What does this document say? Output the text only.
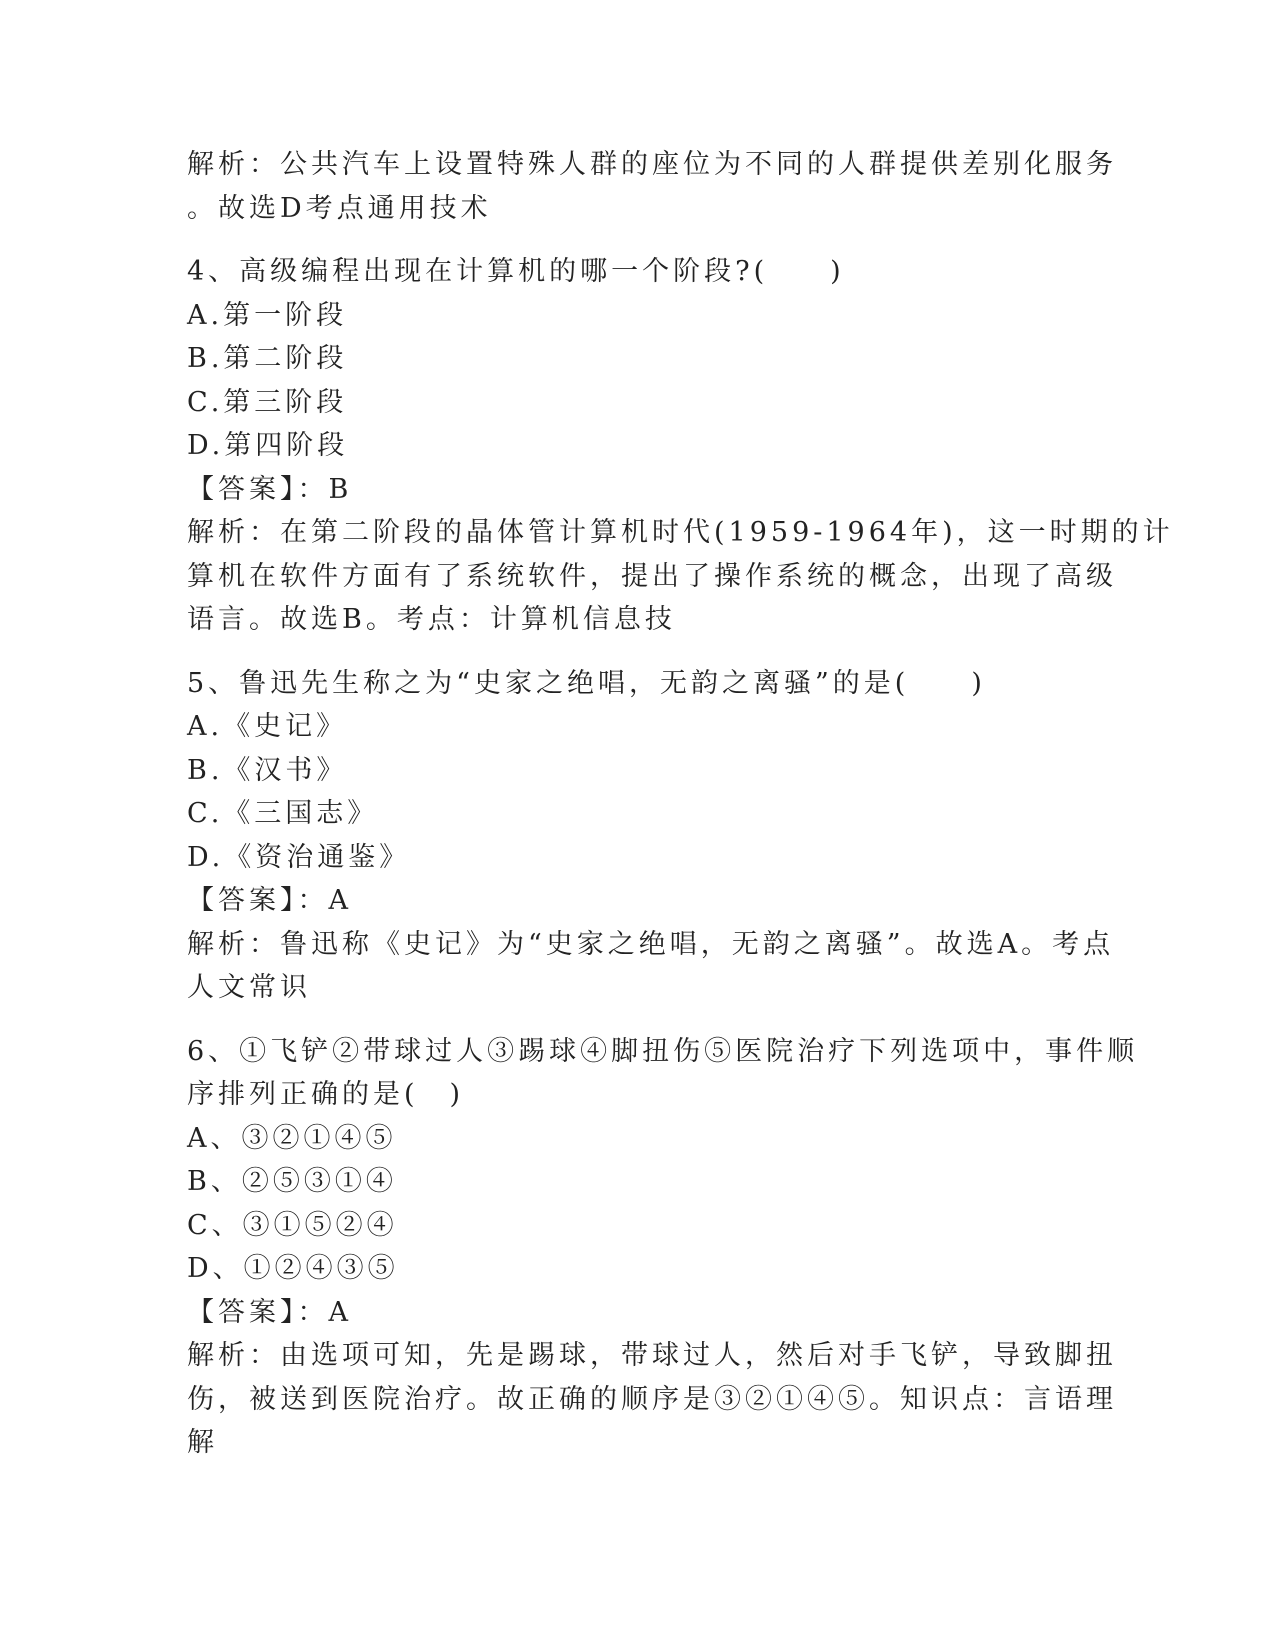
解析：公共汽车上设置特殊人群的座位为不同的人群提供差别化服务
。故选D考点通用技术
4、高级编程出现在计算机的哪一个阶段?(　　)
A.第一阶段
B.第二阶段
C.第三阶段
D.第四阶段
【答案】：B
解析：在第二阶段的晶体管计算机时代(1959-1964年)，这一时期的计
算机在软件方面有了系统软件，提出了操作系统的概念，出现了高级
语言。故选B。考点：计算机信息技
5、鲁迅先生称之为“史家之绝唱，无韵之离骚”的是(　　)
A.《史记》
B.《汉书》
C.《三国志》
D.《资治通鉴》
【答案】：A
解析：鲁迅称《史记》为“史家之绝唱，无韵之离骚”。故选A。考点
人文常识
6、①飞铲②带球过人③踢球④脚扭伤⑤医院治疗下列选项中，事件顺
序排列正确的是(　)
A、③②①④⑤
B、②⑤③①④
C、③①⑤②④
D、①②④③⑤
【答案】：A
解析：由选项可知，先是踢球，带球过人，然后对手飞铲，导致脚扭
伤，被送到医院治疗。故正确的顺序是③②①④⑤。知识点：言语理
解
